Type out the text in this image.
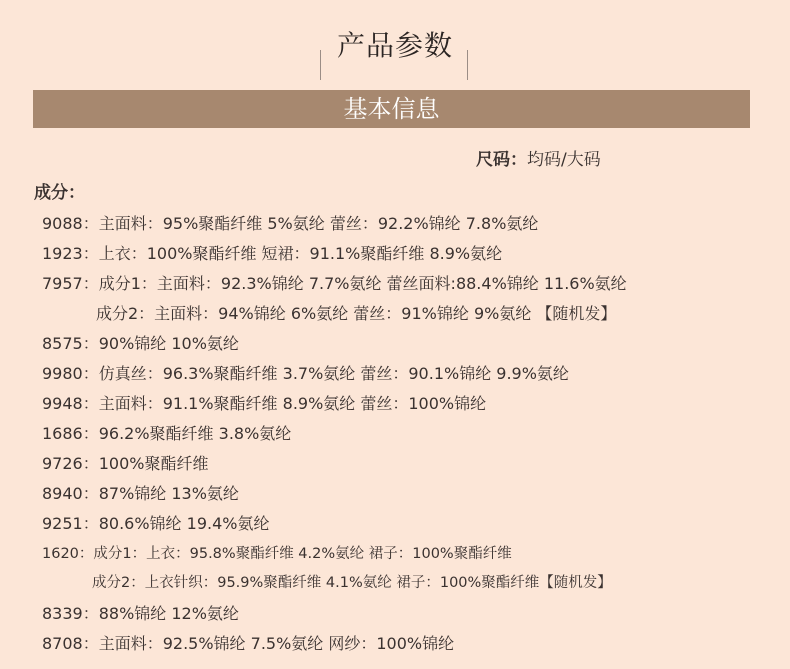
产品参数
基本信息
尺码：均码/大码
成分：
9088：主面料：95%聚酯纤维 5%氨纶 蕾丝：92.2%锦纶 7.8%氨纶
1923：上衣：100%聚酯纤维 短裙：91.1%聚酯纤维 8.9%氨纶
7957：成分1：主面料：92.3%锦纶 7.7%氨纶 蕾丝面料:88.4%锦纶 11.6%氨纶
成分2：主面料：94%锦纶 6%氨纶 蕾丝：91%锦纶 9%氨纶 【随机发】
8575：90%锦纶 10%氨纶
9980：仿真丝：96.3%聚酯纤维 3.7%氨纶 蕾丝：90.1%锦纶 9.9%氨纶
9948：主面料：91.1%聚酯纤维 8.9%氨纶 蕾丝：100%锦纶
1686：96.2%聚酯纤维 3.8%氨纶
9726：100%聚酯纤维
8940：87%锦纶 13%氨纶
9251：80.6%锦纶 19.4%氨纶
1620：成分1：上衣：95.8%聚酯纤维 4.2%氨纶 裙子：100%聚酯纤维
成分2：上衣针织：95.9%聚酯纤维 4.1%氨纶 裙子：100%聚酯纤维【随机发】
8339：88%锦纶 12%氨纶
8708：主面料：92.5%锦纶 7.5%氨纶 网纱：100%锦纶
